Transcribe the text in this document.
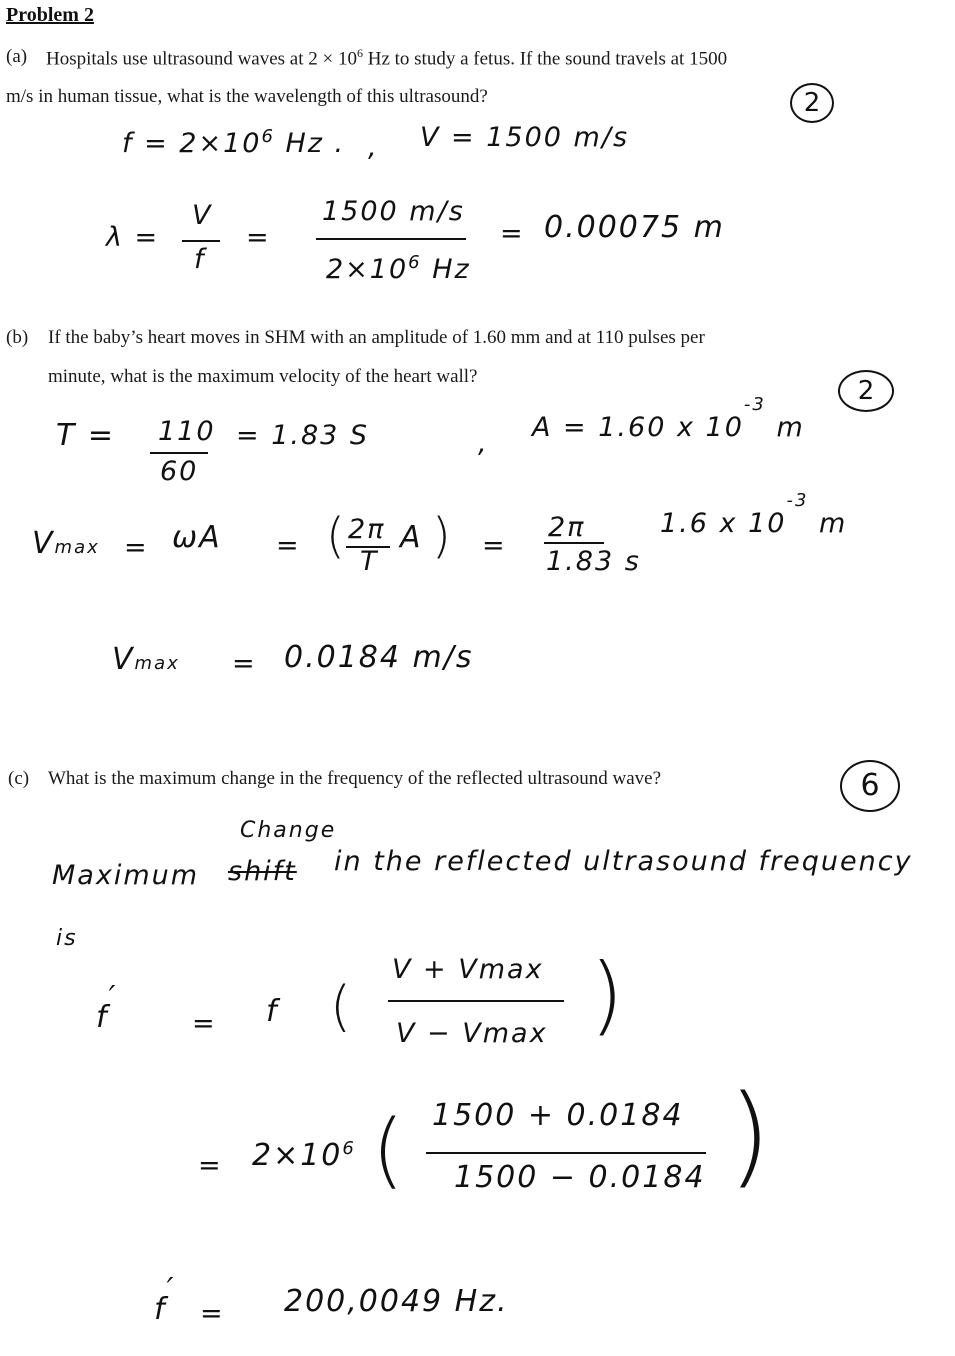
Problem 2
(a) Hospitals use ultrasound waves at $2 \times 10^6$ Hz to study a fetus. If the sound travels at 1500
m/s in human tissue, what is the wavelength of this ultrasound?	2
$f = 2\times 10^6$ Hz . , V = 1500 m/s
λ =
V
f
=
1500 m/s
$2\times 10^6$ Hz
= 0.00075 m
(b) If the baby’s heart moves in SHM with an amplitude of 1.60 mm and at 110 pulses per
minute, what is the maximum velocity of the heart wall?	2
T = 110
60
= 1.83 S	,
A = 1.60 x $10^{-3}$ m
Vmax = ωA = ( 2π
T
A ) =
2π
1.83 s
1.6 x $10^{-3}$ m
Vmax = 0.0184 m/s
(c) What is the maximum change in the frequency of the reflected ultrasound wave?	6
Change
Maximum shift in the reflected ultrasound frequency
is
f′
= f (
V + Vmax
V − Vmax )
= $2\times 10^6$ ( 1500 + 0.0184
1500 − 0.0184 )
f′
= 200,0049 Hz.
